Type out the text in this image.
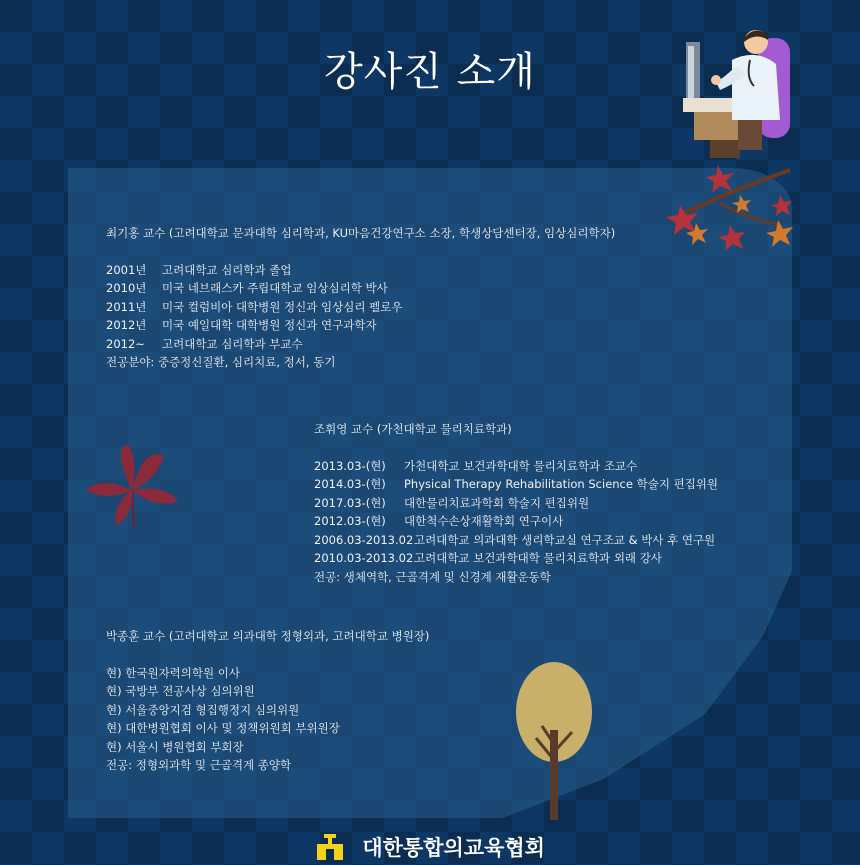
강사진 소개
최기홍 교수 (고려대학교 문과대학 심리학과, KU마음건강연구소 소장, 학생상담센터장, 임상심리학자)
2001년 고려대학교 심리학과 졸업
2010년 미국 네브래스카 주립대학교 임상심리학 박사
2011년 미국 컬럼비아 대학병원 정신과 임상심리 펠로우
2012년 미국 예일대학 대학병원 정신과 연구과학자
2012~ 고려대학교 심리학과 부교수
전공분야: 중증정신질환, 심리치료, 정서, 동기
조휘영 교수 (가천대학교 물리치료학과)
2013.03-(현) 가천대학교 보건과학대학 물리치료학과 조교수
2014.03-(현) Physical Therapy Rehabilitation Science 학술지 편집위원
2017.03-(현) 대한물리치료과학회 학술지 편집위원
2012.03-(현) 대한척수손상재활학회 연구이사
2006.03-2013.02고려대학교 의과대학 생리학교실 연구조교 & 박사 후 연구원
2010.03-2013.02고려대학교 보건과학대학 물리치료학과 외래 강사
전공: 생체역학, 근골격계 및 신경계 재활운동학
박종훈 교수 (고려대학교 의과대학 정형외과, 고려대학교 병원장)
현) 한국원자력의학원 이사
현) 국방부 전공사상 심의위원
현) 서울중앙지검 형집행정지 심의위원
현) 대한병원협회 이사 및 정책위원회 부위원장
현) 서울시 병원협회 부회장
전공: 정형외과학 및 근골격계 종양학
대한통합의교육협회
